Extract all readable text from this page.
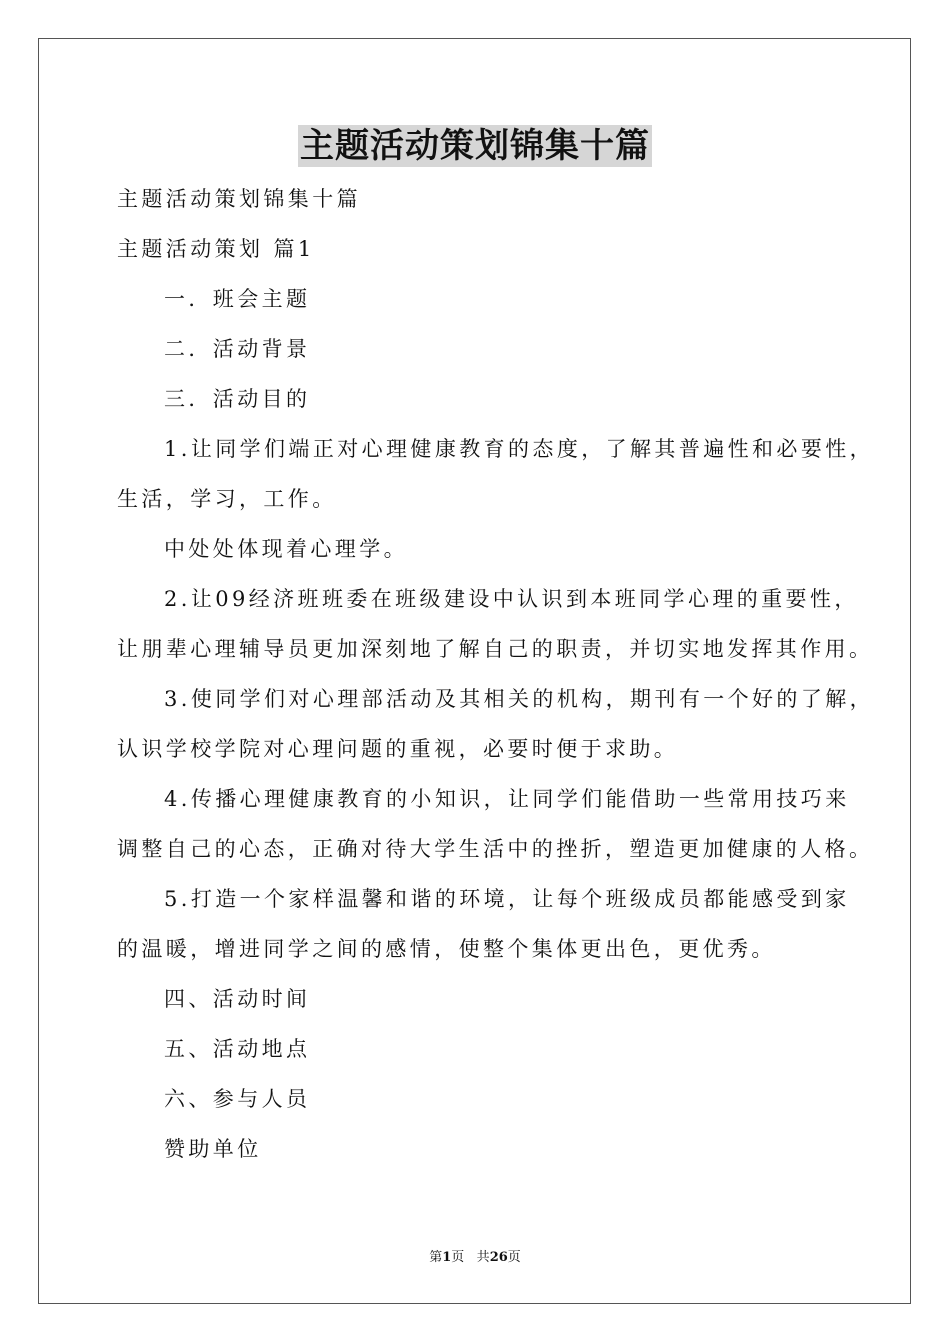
主题活动策划锦集十篇
主题活动策划锦集十篇
主题活动策划 篇1
一．班会主题
二．活动背景
三．活动目的
1.让同学们端正对心理健康教育的态度，了解其普遍性和必要性，
生活，学习，工作。
中处处体现着心理学。
2.让09经济班班委在班级建设中认识到本班同学心理的重要性，
让朋辈心理辅导员更加深刻地了解自己的职责，并切实地发挥其作用。
3.使同学们对心理部活动及其相关的机构，期刊有一个好的了解，
认识学校学院对心理问题的重视，必要时便于求助。
4.传播心理健康教育的小知识，让同学们能借助一些常用技巧来
调整自己的心态，正确对待大学生活中的挫折，塑造更加健康的人格。
5.打造一个家样温馨和谐的环境，让每个班级成员都能感受到家
的温暖，增进同学之间的感情，使整个集体更出色，更优秀。
四、活动时间
五、活动地点
六、参与人员
赞助单位
第1页 共26页
